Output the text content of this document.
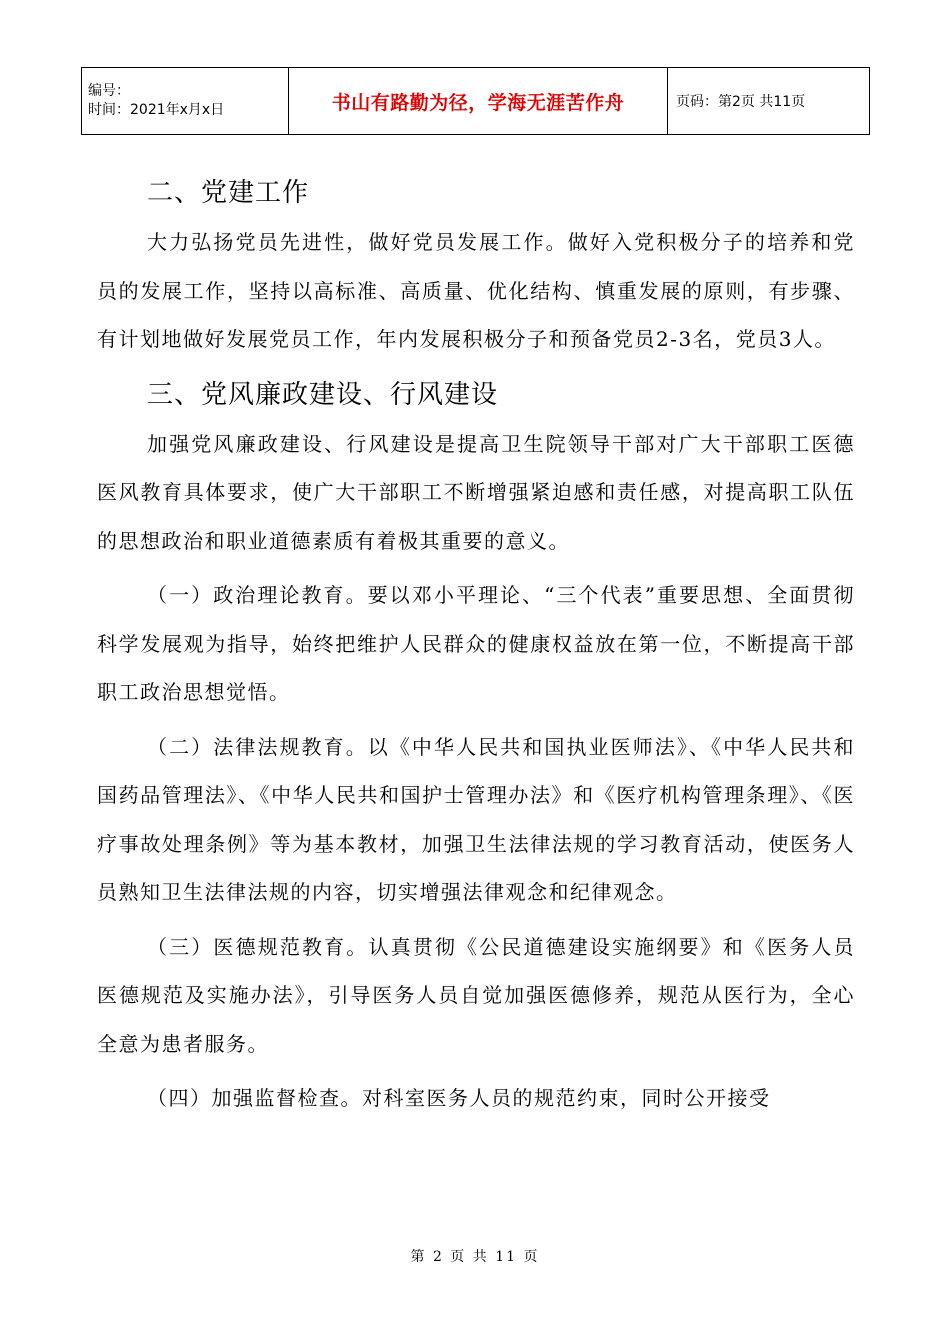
编号：
时间：2021年x月x日	书山有路勤为径，学海无涯苦作舟	页码：第2页 共11页
二、党建工作

大力弘扬党员先进性，做好党员发展工作。做好入党积极分子的培养和党员的发展工作，坚持以高标准、高质量、优化结构、慎重发展的原则，有步骤、有计划地做好发展党员工作，年内发展积极分子和预备党员2-3名，党员3人。

三、党风廉政建设、行风建设

加强党风廉政建设、行风建设是提高卫生院领导干部对广大干部职工医德医风教育具体要求，使广大干部职工不断增强紧迫感和责任感，对提高职工队伍的思想政治和职业道德素质有着极其重要的意义。

（一）政治理论教育。要以邓小平理论、“三个代表”重要思想、全面贯彻科学发展观为指导，始终把维护人民群众的健康权益放在第一位，不断提高干部职工政治思想觉悟。

（二）法律法规教育。以《中华人民共和国执业医师法》、《中华人民共和国药品管理法》、《中华人民共和国护士管理办法》和《医疗机构管理条理》、《医疗事故处理条例》等为基本教材，加强卫生法律法规的学习教育活动，使医务人员熟知卫生法律法规的内容，切实增强法律观念和纪律观念。

（三）医德规范教育。认真贯彻《公民道德建设实施纲要》和《医务人员医德规范及实施办法》，引导医务人员自觉加强医德修养，规范从医行为，全心全意为患者服务。

（四）加强监督检查。对科室医务人员的规范约束，同时公开接受

第 2 页 共 11 页
